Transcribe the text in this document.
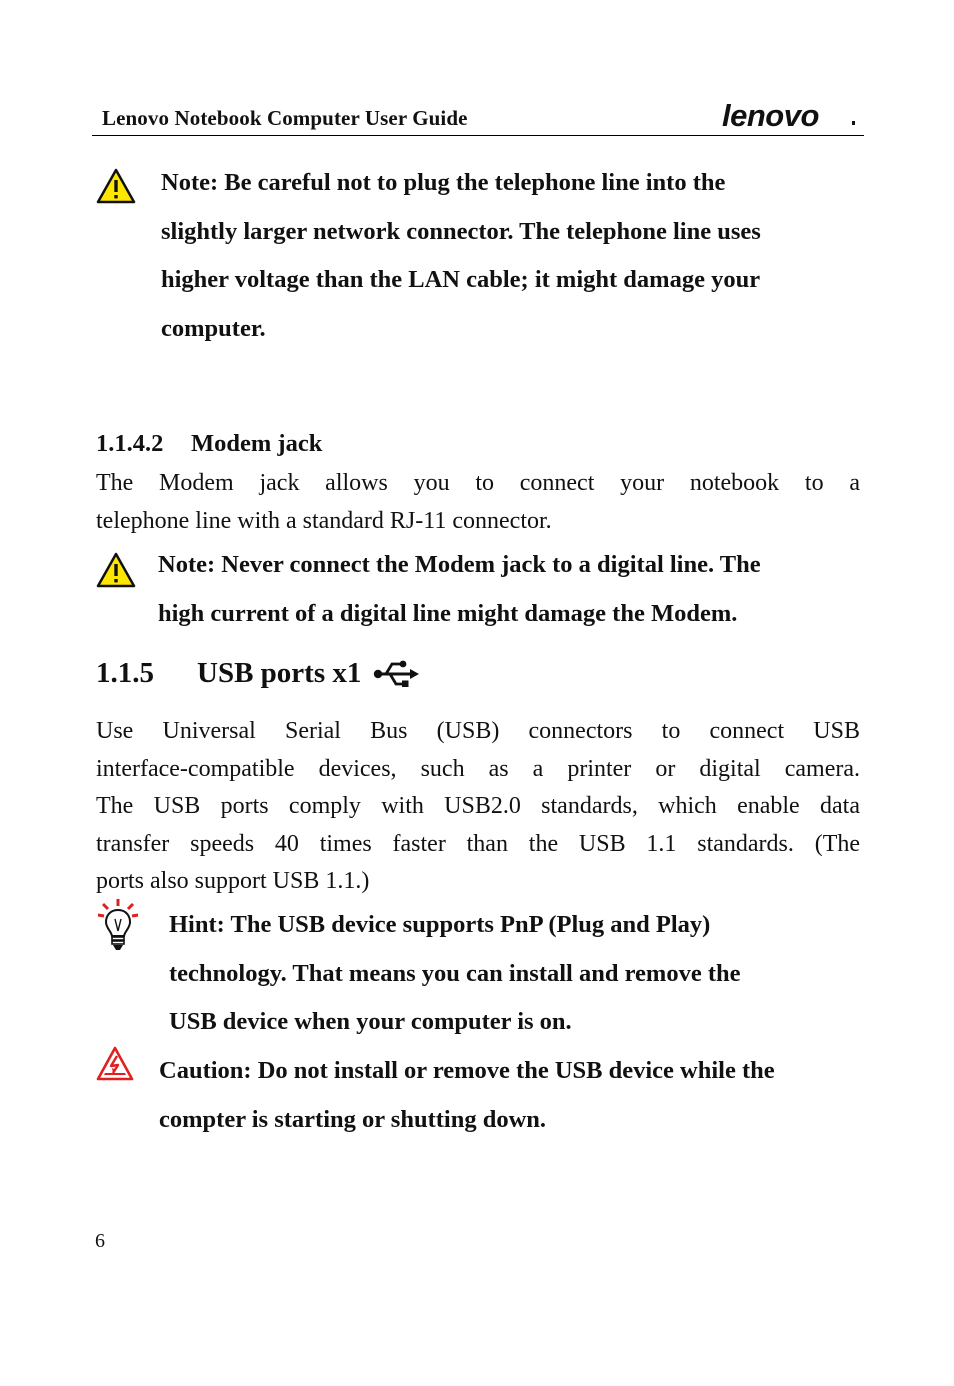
Lenovo Notebook Computer User Guide	lenovo
Note: Be careful not to plug the telephone line into the
slightly larger network connector. The telephone line uses
higher voltage than the LAN cable; it might damage your
computer.
1.1.4.2 Modem jack
The Modem jack allows you to connect your notebook to a
telephone line with a standard RJ-11 connector.
Note: Never connect the Modem jack to a digital line. The
high current of a digital line might damage the Modem.
1.1.5	USB ports x1
Use Universal Serial Bus (USB) connectors to connect USB
interface-compatible devices, such as a printer or digital camera.
The USB ports comply with USB2.0 standards, which enable data
transfer speeds 40 times faster than the USB 1.1 standards. (The
ports also support USB 1.1.)
Hint: The USB device supports PnP (Plug and Play)
technology. That means you can install and remove the
USB device when your computer is on.
Caution: Do not install or remove the USB device while the
compter is starting or shutting down.
6
